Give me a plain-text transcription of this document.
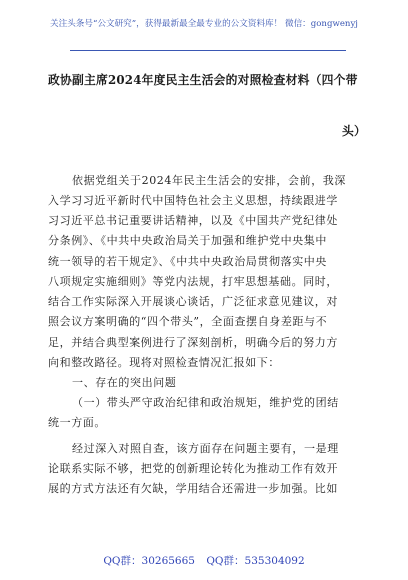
关注头条号“公文研究”，获得最新最全最专业的公文资料库！ 微信：gongwenyj
政协副主席2024年度民主生活会的对照检查材料（四个带
头）
依据党组关于2024年民主生活会的安排，会前，我深
入学习习近平新时代中国特色社会主义思想，持续跟进学
习习近平总书记重要讲话精神，以及《中国共产党纪律处
分条例》、《中共中央政治局关于加强和维护党中央集中
统一领导的若干规定》、《中共中央政治局贯彻落实中央
八项规定实施细则》等党内法规，打牢思想基础。同时，
结合工作实际深入开展谈心谈话，广泛征求意见建议，对
照会议方案明确的“四个带头”，全面查摆自身差距与不
足，并结合典型案例进行了深刻剖析，明确今后的努力方
向和整改路径。现将对照检查情况汇报如下：
一、存在的突出问题
（一）带头严守政治纪律和政治规矩，维护党的团结
统一方面。
经过深入对照自查，该方面存在问题主要有，一是理
论联系实际不够，把党的创新理论转化为推动工作有效开
展的方式方法还有欠缺，学用结合还需进一步加强。比如
QQ群：30265665 QQ群：535304092
